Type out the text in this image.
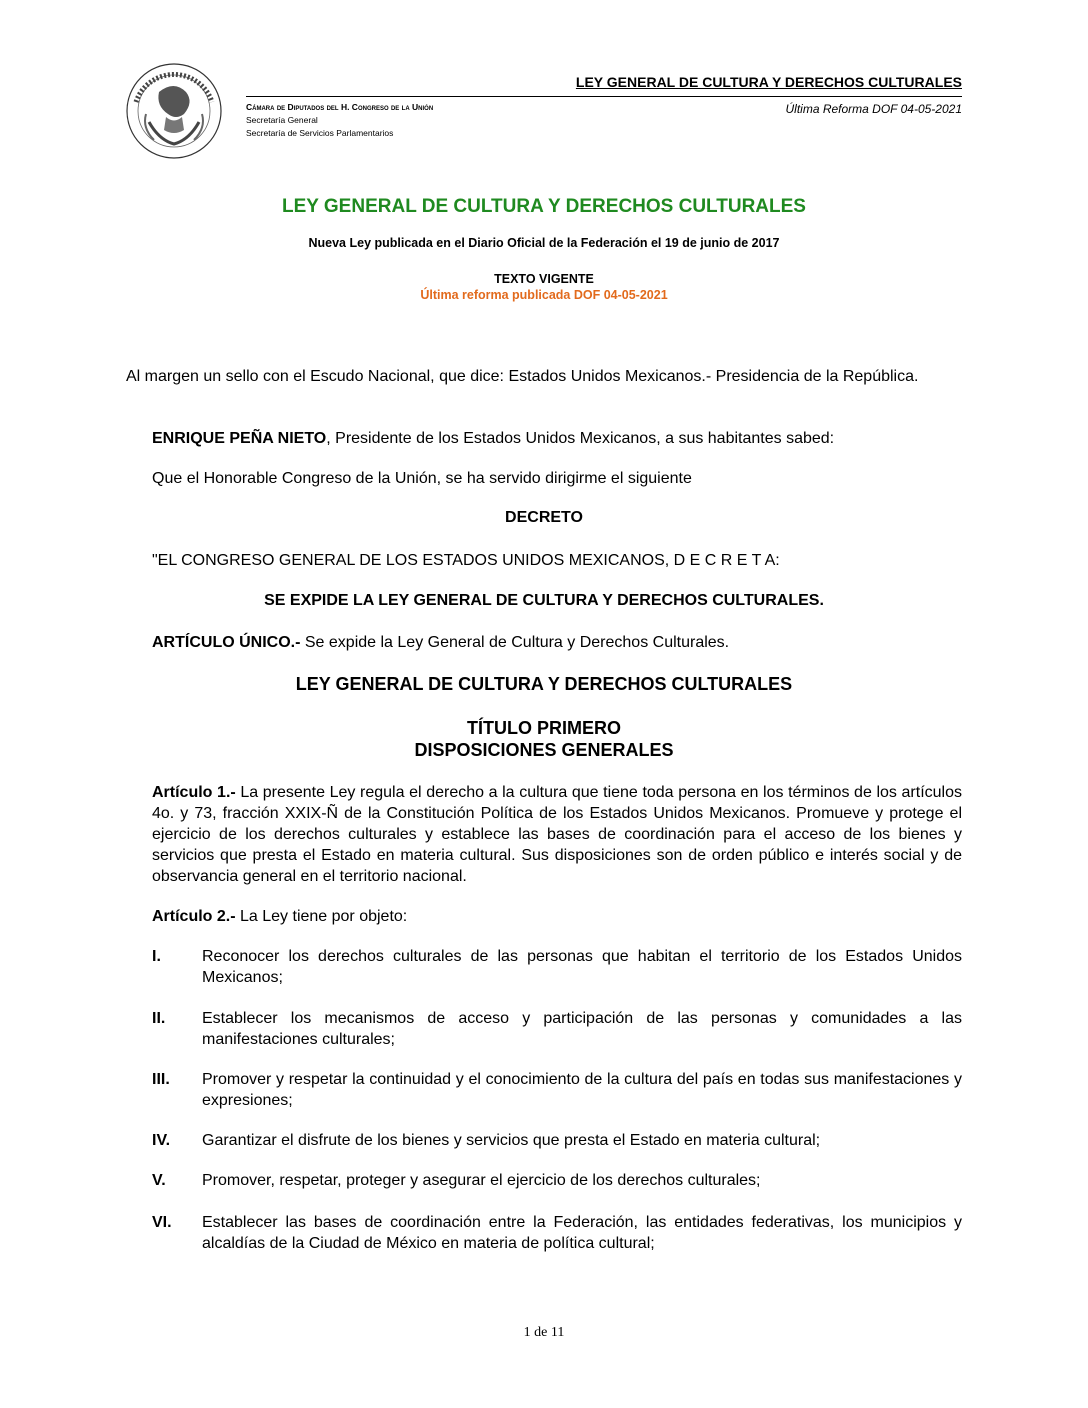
LEY GENERAL DE CULTURA Y DERECHOS CULTURALES
Cámara de Diputados del H. Congreso de la Unión
Secretaría General
Secretaría de Servicios Parlamentarios
Última Reforma DOF 04-05-2021
LEY GENERAL DE CULTURA Y DERECHOS CULTURALES
Nueva Ley publicada en el Diario Oficial de la Federación el 19 de junio de 2017
TEXTO VIGENTE
Última reforma publicada DOF 04-05-2021
Al margen un sello con el Escudo Nacional, que dice: Estados Unidos Mexicanos.- Presidencia de la República.
ENRIQUE PEÑA NIETO, Presidente de los Estados Unidos Mexicanos, a sus habitantes sabed:
Que el Honorable Congreso de la Unión, se ha servido dirigirme el siguiente
DECRETO
"EL CONGRESO GENERAL DE LOS ESTADOS UNIDOS MEXICANOS, D E C R E T A:
SE EXPIDE LA LEY GENERAL DE CULTURA Y DERECHOS CULTURALES.
ARTÍCULO ÚNICO.- Se expide la Ley General de Cultura y Derechos Culturales.
LEY GENERAL DE CULTURA Y DERECHOS CULTURALES
TÍTULO PRIMERO
DISPOSICIONES GENERALES
Artículo 1.- La presente Ley regula el derecho a la cultura que tiene toda persona en los términos de los artículos 4o. y 73, fracción XXIX-Ñ de la Constitución Política de los Estados Unidos Mexicanos. Promueve y protege el ejercicio de los derechos culturales y establece las bases de coordinación para el acceso de los bienes y servicios que presta el Estado en materia cultural. Sus disposiciones son de orden público e interés social y de observancia general en el territorio nacional.
Artículo 2.- La Ley tiene por objeto:
I.	Reconocer los derechos culturales de las personas que habitan el territorio de los Estados Unidos Mexicanos;
II. Establecer los mecanismos de acceso y participación de las personas y comunidades a las manifestaciones culturales;
III. Promover y respetar la continuidad y el conocimiento de la cultura del país en todas sus manifestaciones y expresiones;
IV. Garantizar el disfrute de los bienes y servicios que presta el Estado en materia cultural;
V. Promover, respetar, proteger y asegurar el ejercicio de los derechos culturales;
VI. Establecer las bases de coordinación entre la Federación, las entidades federativas, los municipios y alcaldías de la Ciudad de México en materia de política cultural;
1 de 11
